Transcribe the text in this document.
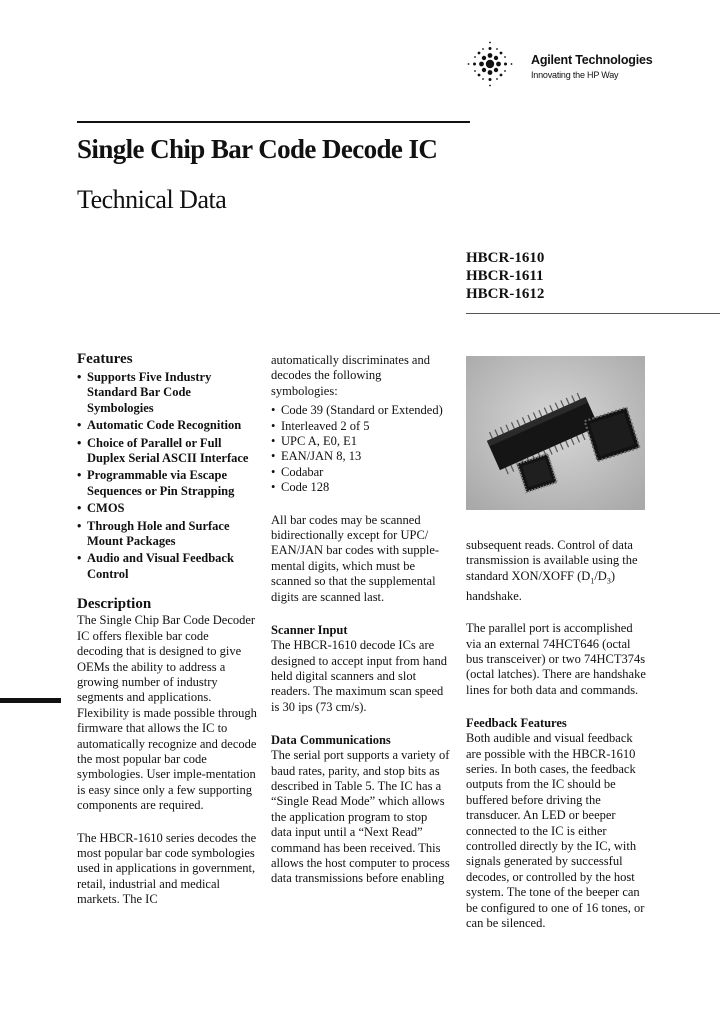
Agilent Technologies
Innovating the HP Way
Single Chip Bar Code Decode IC
Technical Data
HBCR-1610
HBCR-1611
HBCR-1612
Features
• Supports Five Industry Standard Bar Code Symbologies
• Automatic Code Recognition
• Choice of Parallel or Full Duplex Serial ASCII Interface
• Programmable via Escape Sequences or Pin Strapping
• CMOS
• Through Hole and Surface Mount Packages
• Audio and Visual Feedback Control
Description

The Single Chip Bar Code Decoder IC offers flexible bar code decoding that is designed to give OEMs the ability to address a growing number of industry segments and applications. Flexibility is made possible through firmware that allows the IC to automatically recognize and decode the most popular bar code symbologies. User imple-mentation is easy since only a few supporting components are required.

The HBCR-1610 series decodes the most popular bar code symbologies used in applications in government, retail, industrial and medical markets. The IC

automatically discriminates and decodes the following symbologies:

• Code 39 (Standard or Extended)
• Interleaved 2 of 5
• UPC A, E0, E1
• EAN/JAN 8, 13
• Codabar
• Code 128

All bar codes may be scanned bidirectionally except for UPC/ EAN/JAN bar codes with supple-mental digits, which must be scanned so that the supplemental digits are scanned last.

Scanner Input

The HBCR-1610 decode ICs are designed to accept input from hand held digital scanners and slot readers. The maximum scan speed is 30 ips (73 cm/s).

Data Communications

The serial port supports a variety of baud rates, parity, and stop bits as described in Table 5. The IC has a “Single Read Mode” which allows the application program to stop data input until a “Next Read” command has been received. This allows the host computer to process data transmissions before enabling

subsequent reads. Control of data transmission is available using the standard XON/XOFF $(D_1/D_3)$ handshake.

The parallel port is accomplished via an external 74HCT646 (octal bus transceiver) or two 74HCT374s (octal latches). There are handshake lines for both data and commands.

Feedback Features

Both audible and visual feedback are possible with the HBCR-1610 series. In both cases, the feedback outputs from the IC should be buffered before driving the transducer. An LED or beeper connected to the IC is either controlled directly by the IC, with signals generated by successful decodes, or controlled by the host system. The tone of the beeper can be configured to one of 16 tones, or can be silenced.
